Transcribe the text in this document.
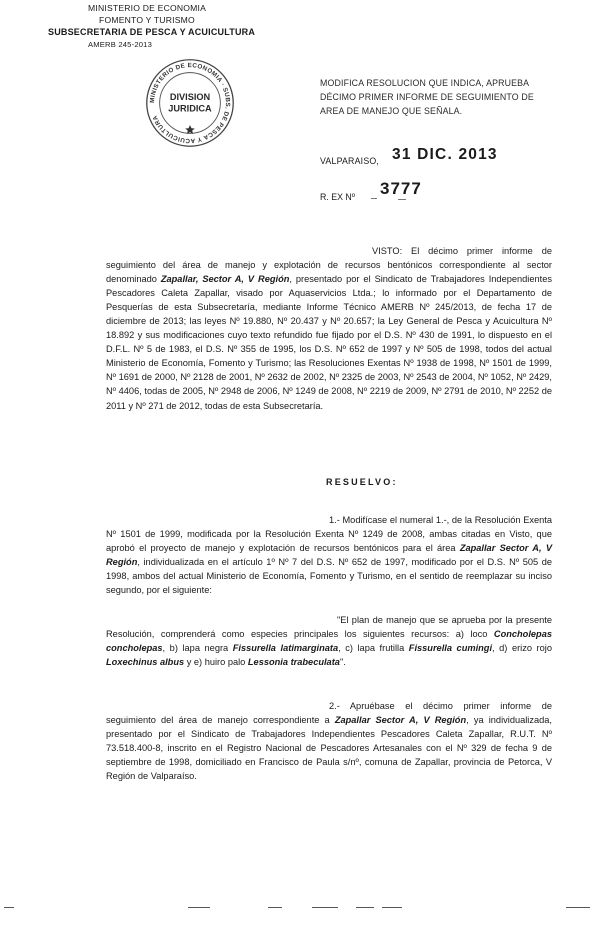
MINISTERIO DE ECONOMIA
FOMENTO Y TURISMO
SUBSECRETARIA DE PESCA Y ACUICULTURA
AMERB 245-2013
MINISTERIO DE ECONOMIA · SUBS. DE PESCA Y ACUICULTURA
DIVISION
JURIDICA
MODIFICA RESOLUCION QUE INDICA, APRUEBA DÉCIMO PRIMER INFORME DE SEGUIMIENTO DE AREA DE MANEJO QUE SEÑALA.
VALPARAISO, 31 DIC. 2013
R. EX Nº 3777

VISTO: El décimo primer informe de seguimiento del área de manejo y explotación de recursos bentónicos correspondiente al sector denominado Zapallar, Sector A, V Región, presentado por el Sindicato de Trabajadores Independientes Pescadores Caleta Zapallar, visado por Aquaservicios Ltda.; lo informado por el Departamento de Pesquerías de esta Subsecretaría, mediante Informe Técnico AMERB Nº 245/2013, de fecha 17 de diciembre de 2013; las leyes Nº 19.880, Nº 20.437 y Nº 20.657; la Ley General de Pesca y Acuicultura Nº 18.892 y sus modificaciones cuyo texto refundido fue fijado por el D.S. Nº 430 de 1991, lo dispuesto en el D.F.L. Nº 5 de 1983, el D.S. Nº 355 de 1995, los D.S. Nº 652 de 1997 y Nº 505 de 1998, todos del actual Ministerio de Economía, Fomento y Turismo; las Resoluciones Exentas Nº 1938 de 1998, Nº 1501 de 1999, Nº 1691 de 2000, Nº 2128 de 2001, Nº 2632 de 2002, Nº 2325 de 2003, Nº 2543 de 2004, Nº 1052, Nº 2429, Nº 4406, todas de 2005, Nº 2948 de 2006, Nº 1249 de 2008, Nº 2219 de 2009, Nº 2791 de 2010, Nº 2252 de 2011 y Nº 271 de 2012, todas de esta Subsecretaría.

RESUELVO:

1.- Modifícase el numeral 1.-, de la Resolución Exenta Nº 1501 de 1999, modificada por la Resolución Exenta Nº 1249 de 2008, ambas citadas en Visto, que aprobó el proyecto de manejo y explotación de recursos bentónicos para el área Zapallar Sector A, V Región, individualizada en el artículo 1º Nº 7 del D.S. Nº 652 de 1997, modificado por el D.S. Nº 505 de 1998, ambos del actual Ministerio de Economía, Fomento y Turismo, en el sentido de reemplazar su inciso segundo, por el siguiente:

"El plan de manejo que se aprueba por la presente Resolución, comprenderá como especies principales los siguientes recursos: a) loco Concholepas concholepas, b) lapa negra Fissurella latimarginata, c) lapa frutilla Fissurella cumingi, d) erizo rojo Loxechinus albus y e) huiro palo Lessonia trabeculata".

2.- Apruébase el décimo primer informe de seguimiento del área de manejo correspondiente a Zapallar Sector A, V Región, ya individualizada, presentado por el Sindicato de Trabajadores Independientes Pescadores Caleta Zapallar, R.U.T. Nº 73.518.400-8, inscrito en el Registro Nacional de Pescadores Artesanales con el Nº 329 de fecha 9 de septiembre de 1998, domiciliado en Francisco de Paula s/nº, comuna de Zapallar, provincia de Petorca, V Región de Valparaíso.
